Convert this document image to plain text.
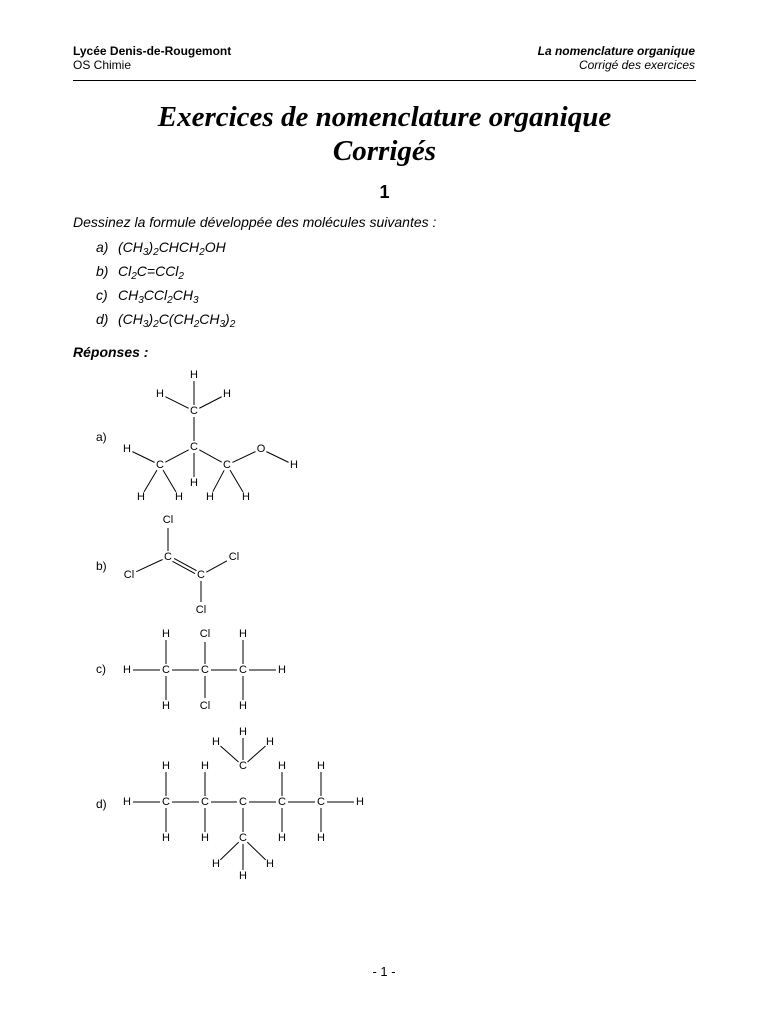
Lycée Denis-de-Rougemont
OS Chimie
La nomenclature organique
Corrigé des exercices
Exercices de nomenclature organique
Corrigés
1
Dessinez la formule développée des molécules suivantes :
a) $(CH_3)_2CHCH_2OH$
b) $Cl_2C=CCl_2$
c) $CH_3CCl_2CH_3$
d) $(CH_3)_2C(CH_2CH_3)_2$
Réponses :
a)
b)
c)
d)
H
H	H
C
H	C
C	C
O
H
H
H	H H	H
Cl
C	Cl
Cl	C
Cl
H	Cl	H
H	C	C	C	H
H	Cl	H
H
H	H
H	H	C	H	H
H	C	C	C	C	C	H
H	H	C	H	H
H	H
H
- 1 -
